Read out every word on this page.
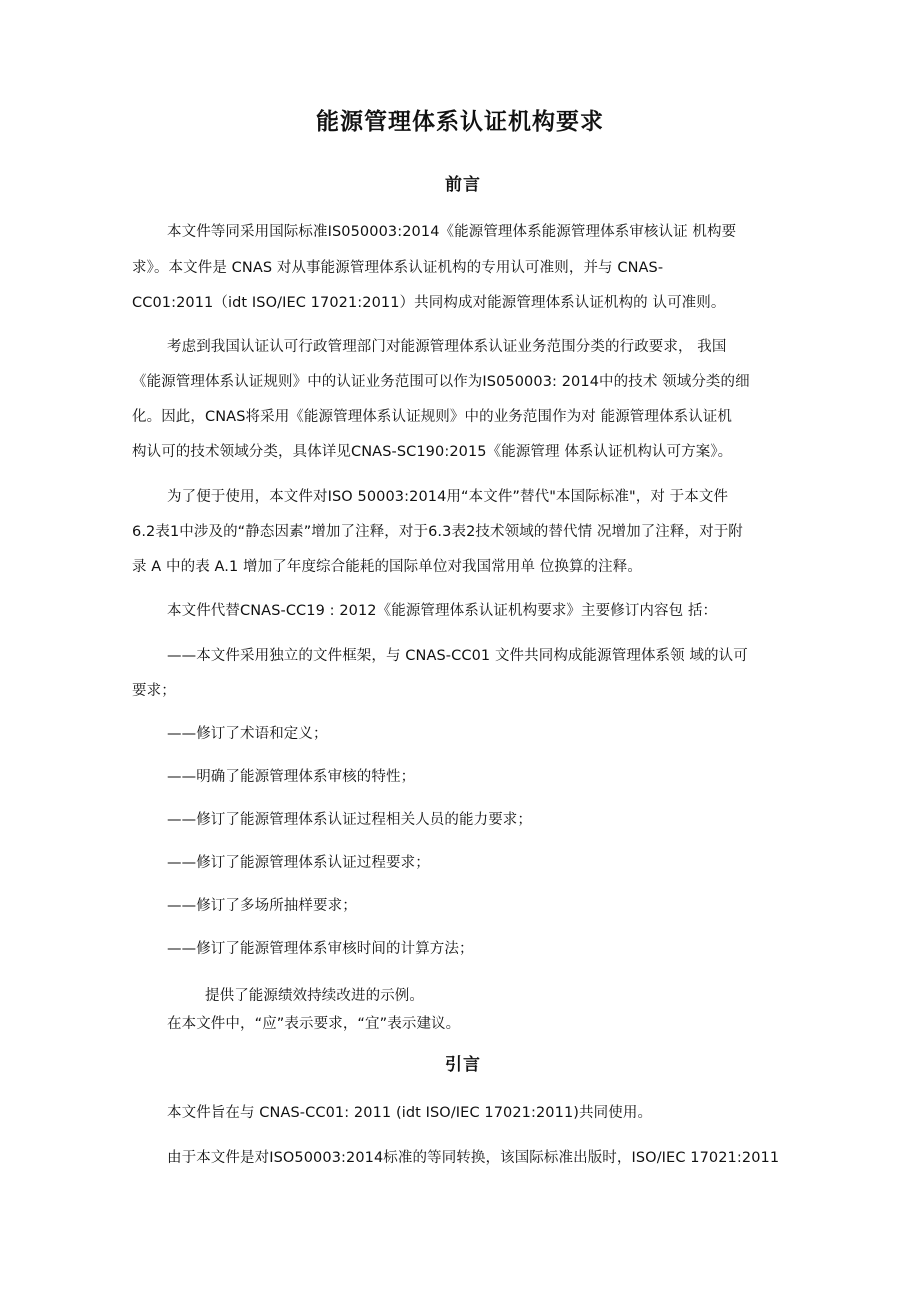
能源管理体系认证机构要求
前言
本文件等同采用国际标准IS050003:2014《能源管理体系能源管理体系审核认证 机构要
求》。本文件是 CNAS 对从事能源管理体系认证机构的专用认可准则，并与 CNAS-
CC01:2011（idt ISO/IEC 17021:2011）共同构成对能源管理体系认证机构的 认可准则。
考虑到我国认证认可行政管理部门对能源管理体系认证业务范围分类的行政要求， 我国
《能源管理体系认证规则》中的认证业务范围可以作为IS050003: 2014中的技术 领域分类的细
化。因此，CNAS将采用《能源管理体系认证规则》中的业务范围作为对 能源管理体系认证机
构认可的技术领域分类，具体详见CNAS-SC190:2015《能源管理 体系认证机构认可方案》。
为了便于使用，本文件对ISO 50003:2014用“本文件”替代"本国际标准"，对 于本文件
6.2表1中涉及的“静态因素”增加了注释，对于6.3表2技术领域的替代情 况增加了注释，对于附
录 A 中的表 A.1 增加了年度综合能耗的国际单位对我国常用单 位换算的注释。
本文件代替CNAS-CC19 : 2012《能源管理体系认证机构要求》主要修订内容包 括：
——本文件采用独立的文件框架，与 CNAS-CC01 文件共同构成能源管理体系领 域的认可
要求；
——修订了术语和定义；
——明确了能源管理体系审核的特性；
——修订了能源管理体系认证过程相关人员的能力要求；
——修订了能源管理体系认证过程要求；
——修订了多场所抽样要求；
——修订了能源管理体系审核时间的计算方法；
提供了能源绩效持续改进的示例。
在本文件中，“应”表示要求，“宜”表示建议。
引言
本文件旨在与 CNAS-CC01: 2011 (idt ISO/IEC 17021:2011)共同使用。
由于本文件是对ISO50003:2014标准的等同转换，该国际标准出版时，ISO/IEC 17021:2011
